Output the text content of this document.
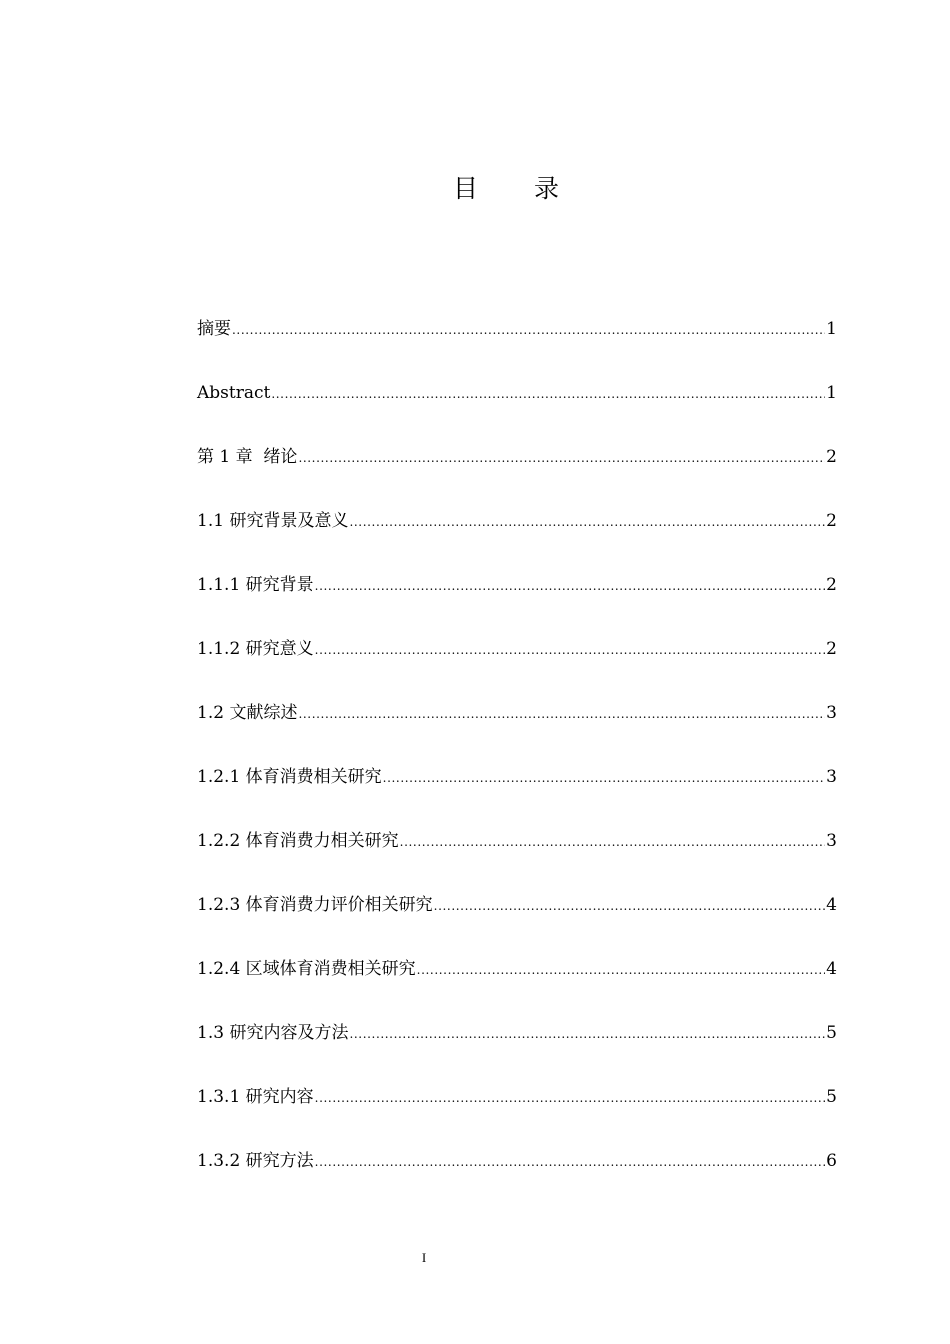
目 录
摘要 .....	1
Abstract .....	1
第 1 章  绪论 .....	2
1.1 研究背景及意义 .....	2
1.1.1 研究背景 .....	2
1.1.2 研究意义 .....	2
1.2 文献综述 .....	3
1.2.1 体育消费相关研究 .....	3
1.2.2 体育消费力相关研究 .....	3
1.2.3 体育消费力评价相关研究 .....	4
1.2.4 区域体育消费相关研究 .....	4
1.3 研究内容及方法 .....	5
1.3.1 研究内容 .....	5
1.3.2 研究方法 .....	6
I
